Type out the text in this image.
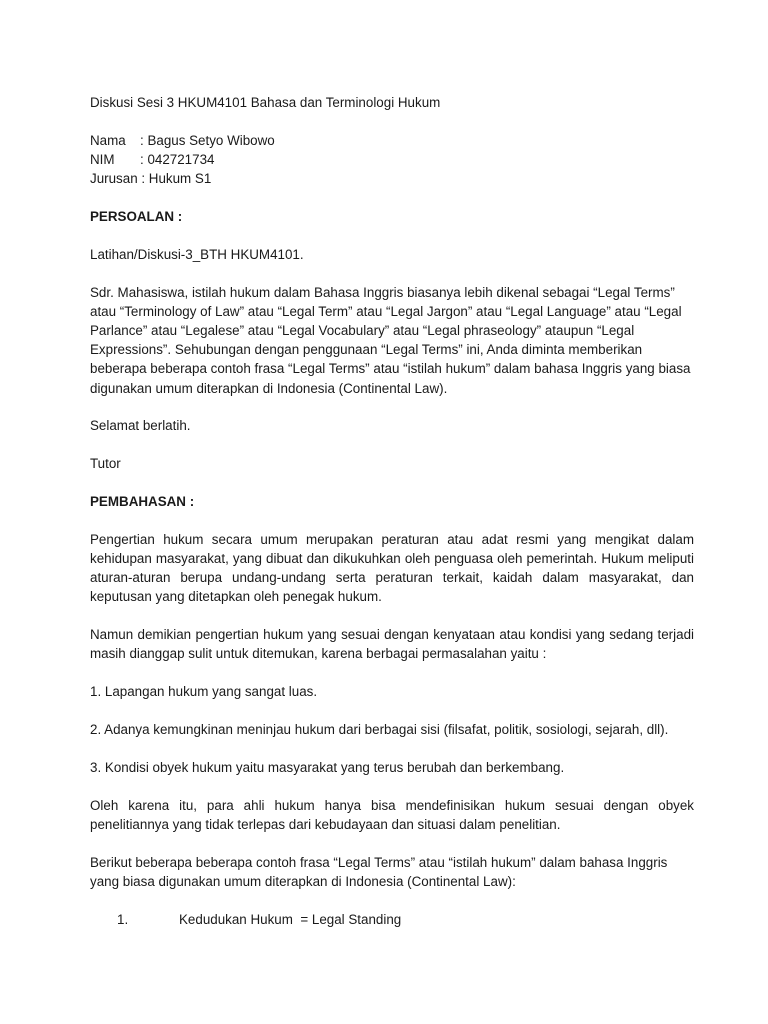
Diskusi Sesi 3 HKUM4101 Bahasa dan Terminologi Hukum

Nama	: Bagus Setyo Wibowo
NIM	: 042721734
Jurusan : Hukum S1

PERSOALAN :

Latihan/Diskusi-3_BTH HKUM4101.

Sdr. Mahasiswa, istilah hukum dalam Bahasa Inggris biasanya lebih dikenal sebagai “Legal Terms” atau “Terminology of Law” atau “Legal Term” atau “Legal Jargon” atau “Legal Language” atau “Legal Parlance” atau “Legalese” atau “Legal Vocabulary” atau “Legal phraseology” ataupun “Legal Expressions”. Sehubungan dengan penggunaan “Legal Terms” ini, Anda diminta memberikan beberapa beberapa contoh frasa “Legal Terms” atau “istilah hukum” dalam bahasa Inggris yang biasa digunakan umum diterapkan di Indonesia (Continental Law).

Selamat berlatih.

Tutor

PEMBAHASAN :

Pengertian hukum secara umum merupakan peraturan atau adat resmi yang mengikat dalam kehidupan masyarakat, yang dibuat dan dikukuhkan oleh penguasa oleh pemerintah. Hukum meliputi aturan-aturan berupa undang-undang serta peraturan terkait, kaidah dalam masyarakat, dan keputusan yang ditetapkan oleh penegak hukum.

Namun demikian pengertian hukum yang sesuai dengan kenyataan atau kondisi yang sedang terjadi masih dianggap sulit untuk ditemukan, karena berbagai permasalahan yaitu :

1. Lapangan hukum yang sangat luas.

2. Adanya kemungkinan meninjau hukum dari berbagai sisi (filsafat, politik, sosiologi, sejarah, dll).

3. Kondisi obyek hukum yaitu masyarakat yang terus berubah dan berkembang.

Oleh karena itu, para ahli hukum hanya bisa mendefinisikan hukum sesuai dengan obyek penelitiannya yang tidak terlepas dari kebudayaan dan situasi dalam penelitian.

Berikut beberapa beberapa contoh frasa “Legal Terms” atau “istilah hukum” dalam bahasa Inggris yang biasa digunakan umum diterapkan di Indonesia (Continental Law):

1.	Kedudukan Hukum  = Legal Standing
